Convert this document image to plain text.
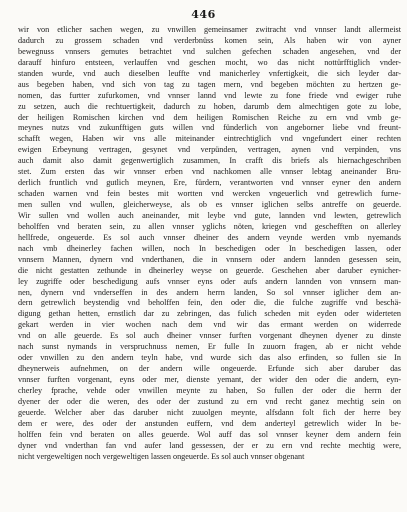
446
wir von etlicher sachen wegen, zu vnwillen gemeinsamer zwitracht vnd vnnser landt allermeist
dadurch zu grossem schaden vnd verderbnüss komen sein, Als haben wir von ayner
bewegnuss vnnsers gemutes betrachtet vnd sulchen gefechen schaden angesehen, vnd der
darauff hinfuro entsteen, verlauffen vnd geschen mocht, wo das nicht nottürfftiglich vnder-
standen wurde, vnd auch dieselben leuffte vnd manicherley vnfertigkeit, die sich leyder dar-
aus begeben haben, vnd sich von tag zu tagen mern, vnd begeben möchten zu hertzen ge-
nomen, das furtter zufurkomen, vnd vnnser lannd vnd lewte zu fone friede vnd ewiger ruhe
zu setzen, auch die rechtuertigkeit, dadurch zu hoben, darumb dem almechtigen gote zu lobe,
der heiligen Romischen kirchen vnd dem heiligen Romischen Reiche zu ern vnd vmb ge-
meynes nutzs vnd zukunfftigen guts willen vnd fünderlich von angeborner liebe vnd freunt-
schafft wegen, Haben wir vns alle miteinander eintrechtiglich vnd vngefundert einer rechten
ewigen Erbeynung vertragen, gesynet vnd verpünden, vertragen, aynen vnd verpinden, vns
auch damit also damit gegenwertiglich zusammen, In crafft dis briefs als hiernachgeschriben
stet. Zum ersten das wir vnnser erben vnd nachkomen alle vnnser lebtag aneinander Bru-
derlich fruntlich vnd gutlich meynen, Ere, fürdern, verantworten vnd vnnser eyner den andern
schaden warnen vnd fein bestes mit wortten vnd wercken vngeuerlich vnd getrewlich furne-
men sullen vnd wullen, gleicherweyse, als ob es vnnser iglichen selbs antreffe on geuerde.
Wir sullen vnd wollen auch aneinander, mit leybe vnd gute, lannden vnd lewten, getrewlich
beholffen vnd beraten sein, zu allen vnnser yglichs nöten, kriegen vnd geschefften on allerley
hellfrede, ongeuerde. Es sol auch vnnser dheiner des andern veynde werden vmb nyemands
nach vmb dheinerley fachen willen, noch In beschedigen oder In beschedigen lassen, oder
vnnsern Mannen, dynern vnd vnderthanen, die in vnnsern oder andern lannden gesessen sein,
die nicht gestatten zethunde in dheinerley weyse on geuerde. Geschehen aber daruber eynicher-
ley zugriffe oder beschedigung aufs vnnser eyns oder aufs andern lannden von vnnsern man-
nen, dynern vnd vnderseffen in des andern herrn landen, So sol vnnser iglicher dem an-
dern getrewlich beystendig vnd beholffen fein, den oder die, die fulche zugriffe vnd beschä-
digung gethan hetten, ernstlich dar zu zebringen, das fulich scheden mit eyden oder widerteten
gekart werden in vier wochen nach dem vnd wir das ermant werden on widerrede
vnd on alle geuerde. Es sol auch dheiner vnnser furften vorgenant dheynen dyener zu dinste
nach sunst nymands in verspruchnuss nemen, Er fulle In zuuorn fragen, ab er nicht vehde
oder vnwillen zu den andern teyln habe, vnd wurde sich das also erfinden, so fullen sie In
dheynerweis aufnehmen, on der andern wille ongeuerde. Erfunde sich aber daruber das
vnnser furften vorgenant, eyns oder mer, dienste yemant, der wider den oder die andern, eyn-
cherley fprache, vehde oder vnwillen meynte zu haben, So fullen der oder die herrn der
dyener der oder die weren, des oder der zustund zu ern vnd recht ganez mechtig sein on
geuerde. Welcher aber das daruber nicht zuuolgen meynte, alfsdann folt fich der herre bey
dem er were, des oder der anstunden euffern, vnd dem anderteyl getrewlich wider In be-
holffen fein vnd beraten on alles geuerde. Wol auff das sol vnnser keyner dem andern fein
dyner vnd vnderthan fan vnd aufer land gessessen, der er zu ern vnd rechte mechtig were,
nicht vergeweltigen noch vergeweltigen lassen ongeuerde. Es sol auch vnnser obgenant
